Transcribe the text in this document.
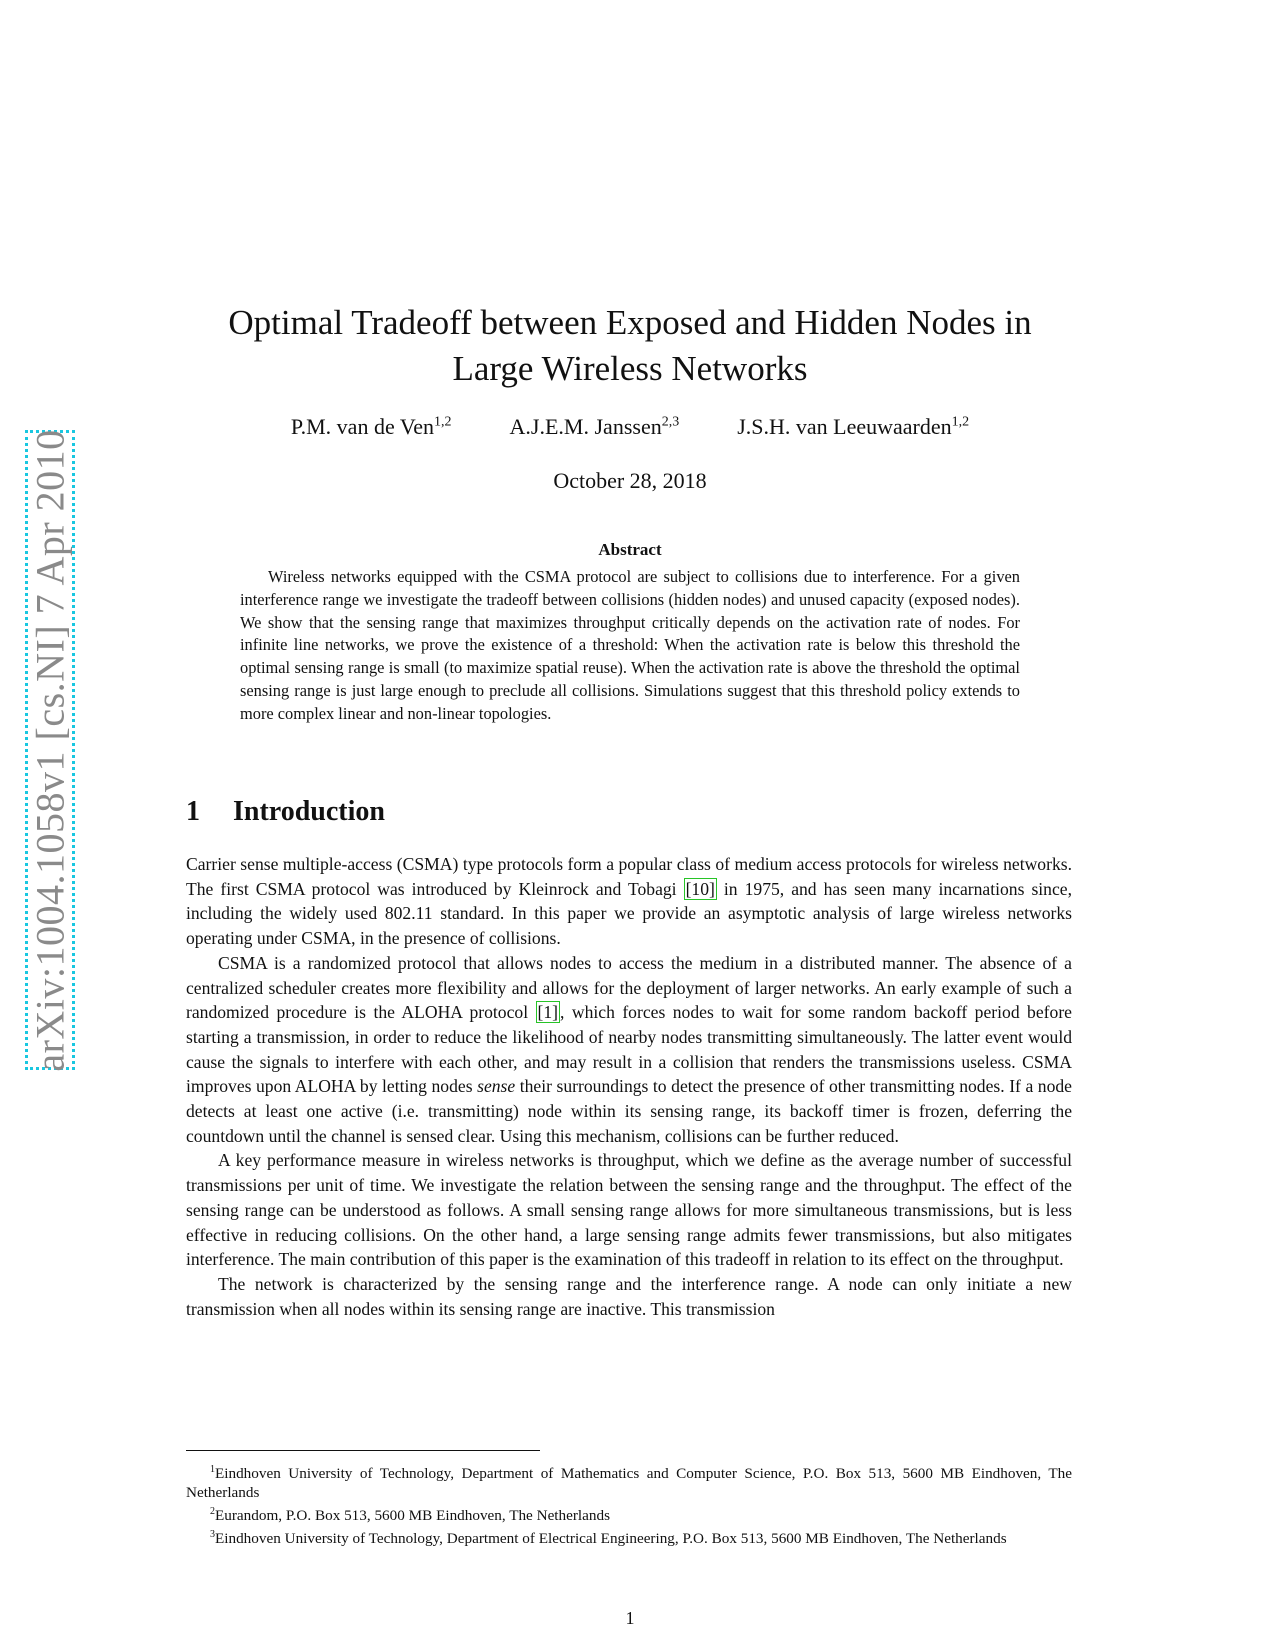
arXiv:1004.1058v1 [cs.NI] 7 Apr 2010
Optimal Tradeoff between Exposed and Hidden Nodes in
Large Wireless Networks
P.M. van de Ven$^{1,2}$	A.J.E.M. Janssen$^{2,3}$	J.S.H. van Leeuwaarden$^{1,2}$
October 28, 2018
Abstract

Wireless networks equipped with the CSMA protocol are subject to collisions due to interference. For a given interference range we investigate the tradeoff between collisions (hidden nodes) and unused capacity (exposed nodes). We show that the sensing range that maximizes throughput critically depends on the activation rate of nodes. For infinite line networks, we prove the existence of a threshold: When the activation rate is below this threshold the optimal sensing range is small (to maximize spatial reuse). When the activation rate is above the threshold the optimal sensing range is just large enough to preclude all collisions. Simulations suggest that this threshold policy extends to more complex linear and non-linear topologies.

1 Introduction

Carrier sense multiple-access (CSMA) type protocols form a popular class of medium access protocols for wireless networks. The first CSMA protocol was introduced by Kleinrock and Tobagi [10] in 1975, and has seen many incarnations since, including the widely used 802.11 standard. In this paper we provide an asymptotic analysis of large wireless networks operating under CSMA, in the presence of collisions.

CSMA is a randomized protocol that allows nodes to access the medium in a distributed manner. The absence of a centralized scheduler creates more flexibility and allows for the deployment of larger networks. An early example of such a randomized procedure is the ALOHA protocol [1] , which forces nodes to wait for some random backoff period before starting a transmission, in order to reduce the likelihood of nearby nodes transmitting simultaneously. The latter event would cause the signals to interfere with each other, and may result in a collision that renders the transmissions useless. CSMA improves upon ALOHA by letting nodes sense their surroundings to detect the presence of other transmitting nodes. If a node detects at least one active (i.e. transmitting) node within its sensing range, its backoff timer is frozen, deferring the countdown until the channel is sensed clear. Using this mechanism, collisions can be further reduced.

A key performance measure in wireless networks is throughput, which we define as the average number of successful transmissions per unit of time. We investigate the relation between the sensing range and the throughput. The effect of the sensing range can be understood as follows. A small sensing range allows for more simultaneous transmissions, but is less effective in reducing collisions. On the other hand, a large sensing range admits fewer transmissions, but also mitigates interference. The main contribution of this paper is the examination of this tradeoff in relation to its effect on the throughput.

The network is characterized by the sensing range and the interference range. A node can only initiate a new transmission when all nodes within its sensing range are inactive. This transmission

$^1$Eindhoven University of Technology, Department of Mathematics and Computer Science, P.O. Box 513, 5600 MB Eindhoven, The Netherlands

$^2$Eurandom, P.O. Box 513, 5600 MB Eindhoven, The Netherlands

$^3$Eindhoven University of Technology, Department of Electrical Engineering, P.O. Box 513, 5600 MB Eindhoven, The Netherlands

1
